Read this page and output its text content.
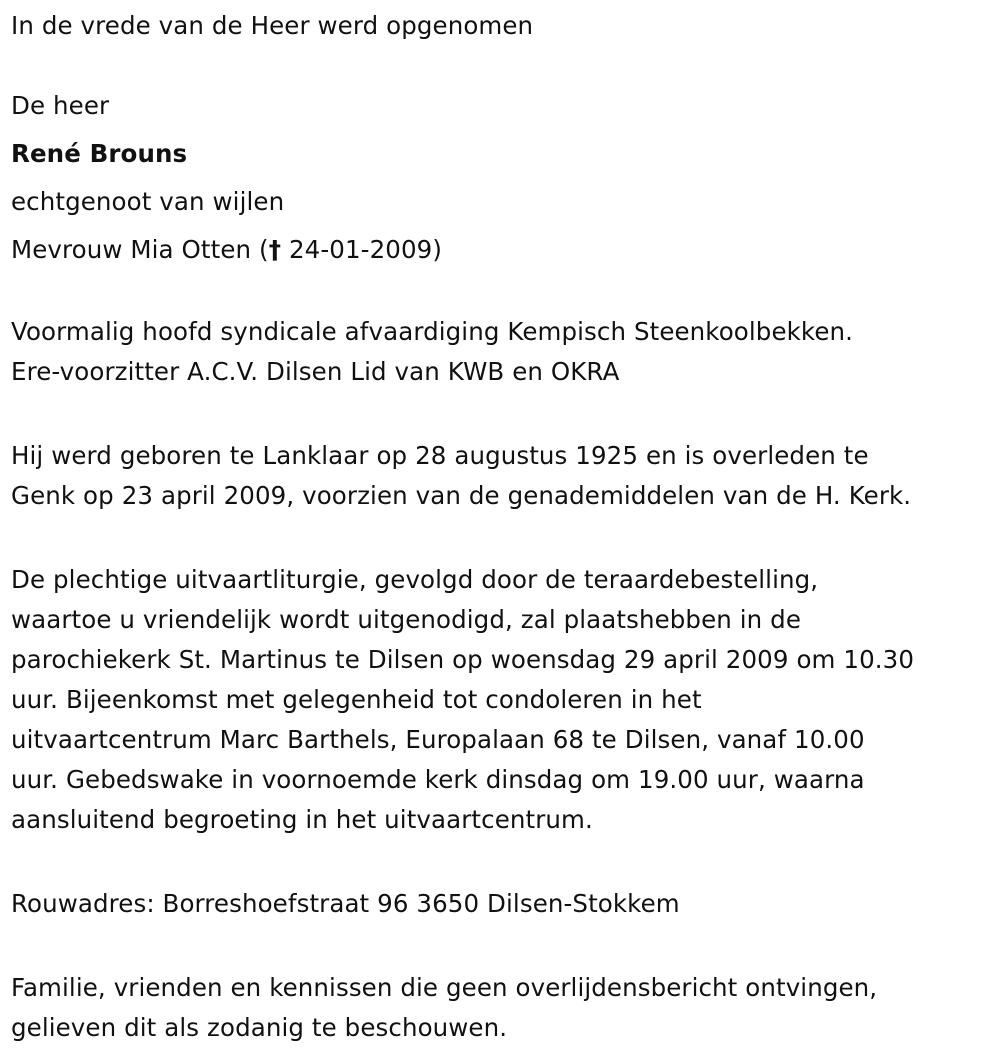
In de vrede van de Heer werd opgenomen
De heer
René Brouns
echtgenoot van wijlen
Mevrouw Mia Otten († 24-01-2009)
Voormalig hoofd syndicale afvaardiging Kempisch Steenkoolbekken.
Ere-voorzitter A.C.V. Dilsen Lid van KWB en OKRA
Hij werd geboren te Lanklaar op 28 augustus 1925 en is overleden te
Genk op 23 april 2009, voorzien van de genademiddelen van de H. Kerk.
De plechtige uitvaartliturgie, gevolgd door de teraardebestelling,
waartoe u vriendelijk wordt uitgenodigd, zal plaatshebben in de
parochiekerk St. Martinus te Dilsen op woensdag 29 april 2009 om 10.30
uur. Bijeenkomst met gelegenheid tot condoleren in het
uitvaartcentrum Marc Barthels, Europalaan 68 te Dilsen, vanaf 10.00
uur. Gebedswake in voornoemde kerk dinsdag om 19.00 uur, waarna
aansluitend begroeting in het uitvaartcentrum.
Rouwadres: Borreshoefstraat 96 3650 Dilsen-Stokkem
Familie, vrienden en kennissen die geen overlijdensbericht ontvingen,
gelieven dit als zodanig te beschouwen.
